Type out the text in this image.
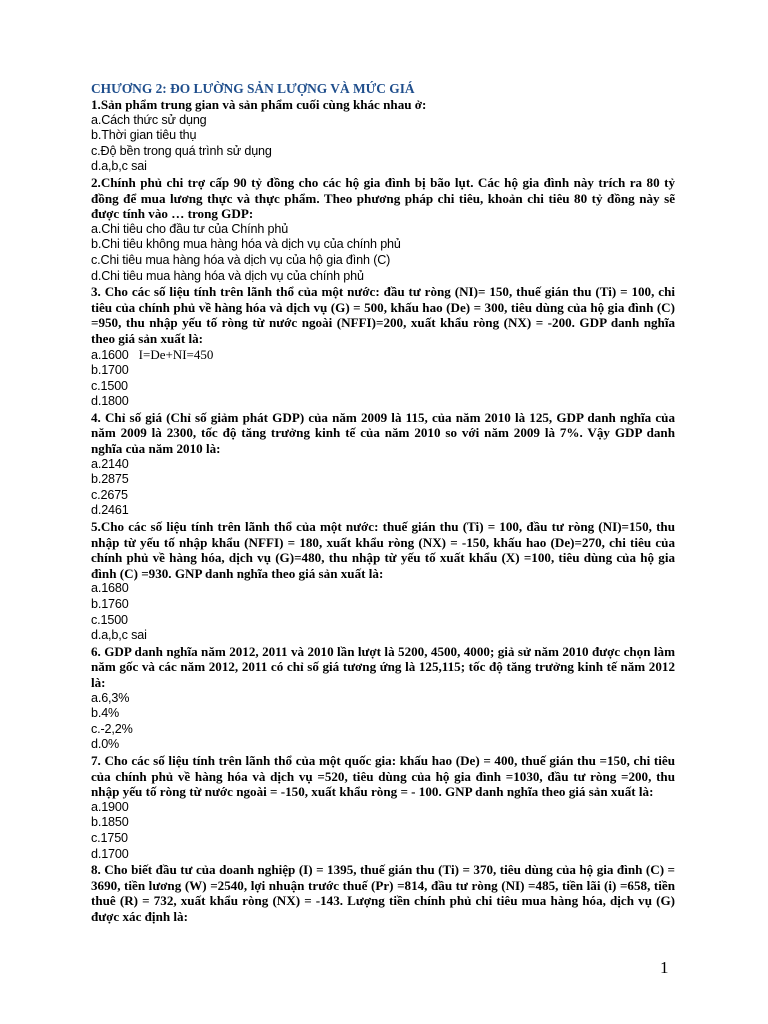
CHƯƠNG 2: ĐO LƯỜNG SẢN LƯỢNG VÀ MỨC GIÁ

1.Sản phẩm trung gian và sản phẩm cuối cùng khác nhau ở:

a.Cách thức sử dụng

b.Thời gian tiêu thụ

c.Độ bền trong quá trình sử dụng

d.a,b,c sai

2.Chính phủ chi trợ cấp 90 tỷ đồng cho các hộ gia đình bị bão lụt. Các hộ gia đình này trích ra 80 tỷ đồng để mua lương thực và thực phẩm. Theo phương pháp chi tiêu, khoản chi tiêu 80 tỷ đồng này sẽ được tính vào … trong GDP:

a.Chi tiêu cho đầu tư của Chính phủ

b.Chi tiêu không mua hàng hóa và dịch vụ của chính phủ

c.Chi tiêu mua hàng hóa và dịch vụ của hộ gia đình (C)

d.Chi tiêu mua hàng hóa và dịch vụ của chính phủ

3. Cho các số liệu tính trên lãnh thổ của một nước: đầu tư ròng (NI)= 150, thuế gián thu (Ti) = 100, chi tiêu của chính phủ về hàng hóa và dịch vụ (G) = 500, khấu hao (De) = 300, tiêu dùng của hộ gia đình (C) =950, thu nhập yếu tố ròng từ nước ngoài (NFFI)=200, xuất khẩu ròng (NX) = -200. GDP danh nghĩa theo giá sản xuất là:

a.1600 I=De+NI=450

b.1700

c.1500

d.1800

4. Chỉ số giá (Chỉ số giảm phát GDP) của năm 2009 là 115, của năm 2010 là 125, GDP danh nghĩa của năm 2009 là 2300, tốc độ tăng trưởng kinh tế của năm 2010 so với năm 2009 là 7%. Vậy GDP danh nghĩa của năm 2010 là:

a.2140

b.2875

c.2675

d.2461

5.Cho các số liệu tính trên lãnh thổ của một nước: thuế gián thu (Ti) = 100, đầu tư ròng (NI)=150, thu nhập từ yếu tố nhập khẩu (NFFI) = 180, xuất khẩu ròng (NX) = -150, khấu hao (De)=270, chi tiêu của chính phủ về hàng hóa, dịch vụ (G)=480, thu nhập từ yếu tố xuất khẩu (X) =100, tiêu dùng của hộ gia đình (C) =930. GNP danh nghĩa theo giá sản xuất là:

a.1680

b.1760

c.1500

d.a,b,c sai

6. GDP danh nghĩa năm 2012, 2011 và 2010 lần lượt là 5200, 4500, 4000; giả sử năm 2010 được chọn làm năm gốc và các năm 2012, 2011 có chỉ số giá tương ứng là 125,115; tốc độ tăng trưởng kinh tế năm 2012 là:

a.6,3%

b.4%

c.-2,2%

d.0%

7. Cho các số liệu tính trên lãnh thổ của một quốc gia: khấu hao (De) = 400, thuế gián thu =150, chi tiêu của chính phủ về hàng hóa và dịch vụ =520, tiêu dùng của hộ gia đình =1030, đầu tư ròng =200, thu nhập yếu tố ròng từ nước ngoài = -150, xuất khẩu ròng = - 100. GNP danh nghĩa theo giá sản xuất là:

a.1900

b.1850

c.1750

d.1700

8. Cho biết đầu tư của doanh nghiệp (I) = 1395, thuế gián thu (Ti) = 370, tiêu dùng của hộ gia đình (C) = 3690, tiền lương (W) =2540, lợi nhuận trước thuế (Pr) =814, đầu tư ròng (NI) =485, tiền lãi (i) =658, tiền thuê (R) = 732, xuất khẩu ròng (NX) = -143. Lượng tiền chính phủ chi tiêu mua hàng hóa, dịch vụ (G) được xác định là:

1
